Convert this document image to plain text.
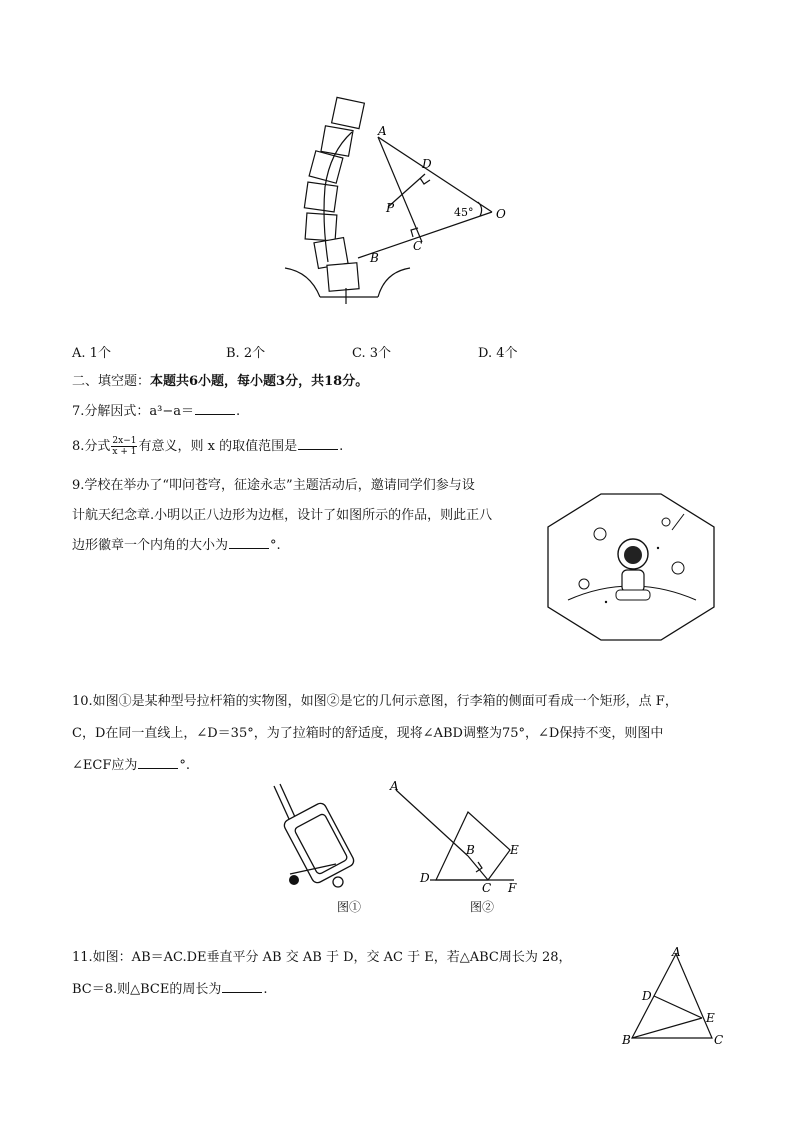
A
D
P
C
B
O
45°
A. 1个	B. 2个	C. 3个	D. 4个
二、填空题：本题共6小题，每小题3分，共18分。
7.分解因式：a³−a＝	.
8.分式 $\frac{2x-1}{x + 1}$ 有意义，则 x 的取值范围是	.
9.学校在举办了“叩问苍穹，征途永志”主题活动后，邀请同学们参与设
计航天纪念章.小明以正八边形为边框，设计了如图所示的作品，则此正八
边形徽章一个内角的大小为	°.
10.如图①是某种型号拉杆箱的实物图，如图②是它的几何示意图，行李箱的侧面可看成一个矩形，点 F，
C，D在同一直线上，∠D＝35°，为了拉箱时的舒适度，现将∠ABD调整为75°，∠D保持不变，则图中
∠ECF应为	°.
图①
A
B
D
C
E
F
图②
11.如图：AB＝AC.DE垂直平分 AB 交 AB 于 D，交 AC 于 E，若△ABC周长为 28，
BC＝8.则△BCE的周长为	.
A
D
E
B	C
